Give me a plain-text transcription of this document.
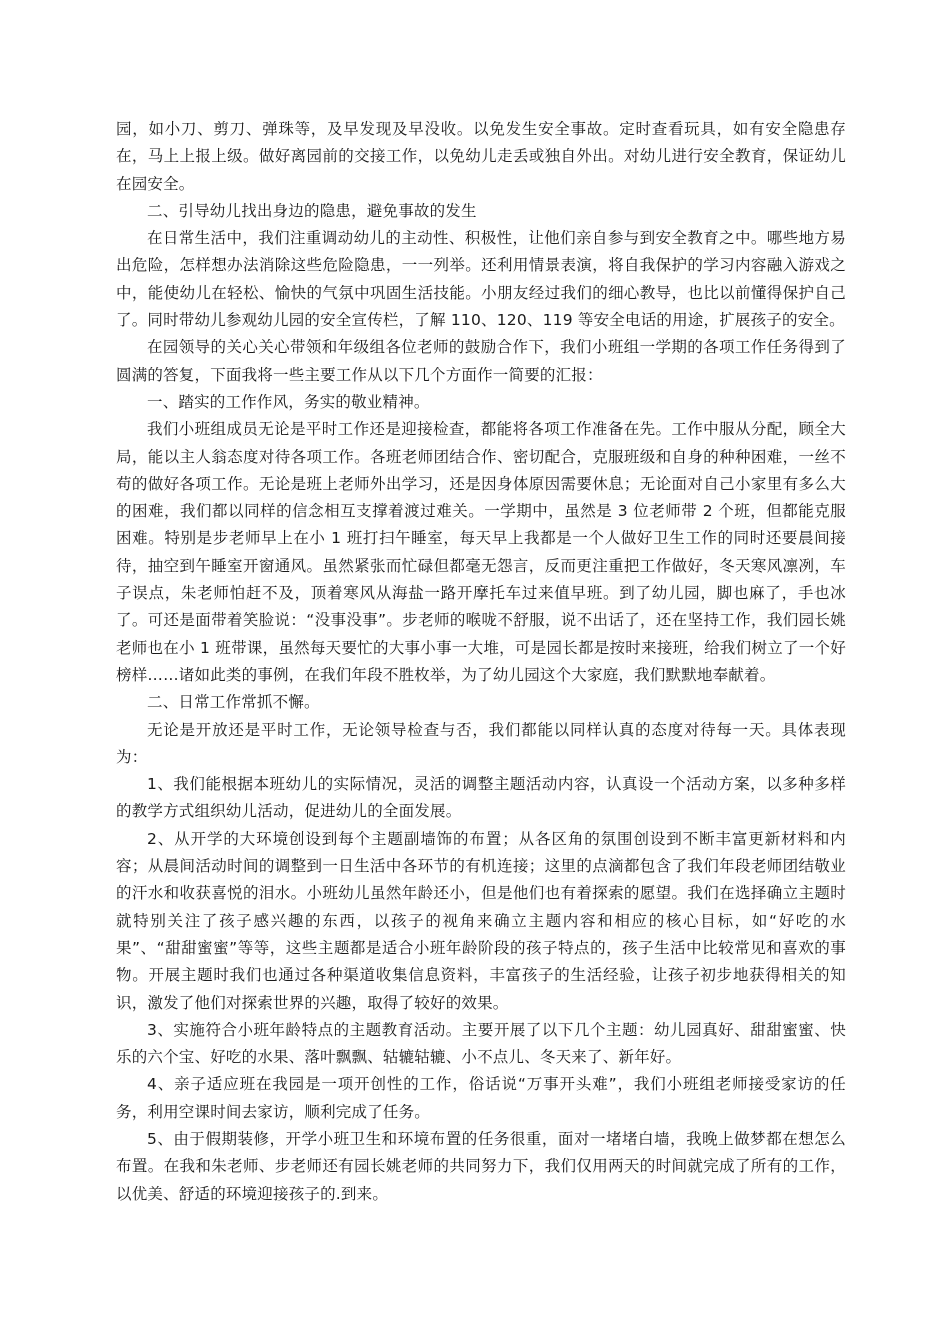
园，如小刀、剪刀、弹珠等，及早发现及早没收。以免发生安全事故。定时查看玩具，如有安全隐患存在，马上上报上级。做好离园前的交接工作，以免幼儿走丢或独自外出。对幼儿进行安全教育，保证幼儿在园安全。

二、引导幼儿找出身边的隐患，避免事故的发生

在日常生活中，我们注重调动幼儿的主动性、积极性，让他们亲自参与到安全教育之中。哪些地方易出危险，怎样想办法消除这些危险隐患，一一列举。还利用情景表演，将自我保护的学习内容融入游戏之中，能使幼儿在轻松、愉快的气氛中巩固生活技能。小朋友经过我们的细心教导，也比以前懂得保护自己了。同时带幼儿参观幼儿园的安全宣传栏，了解 110、120、119 等安全电话的用途，扩展孩子的安全。

在园领导的关心关心带领和年级组各位老师的鼓励合作下，我们小班组一学期的各项工作任务得到了圆满的答复，下面我将一些主要工作从以下几个方面作一简要的汇报：

一、踏实的工作作风，务实的敬业精神。

我们小班组成员无论是平时工作还是迎接检查，都能将各项工作准备在先。工作中服从分配，顾全大局，能以主人翁态度对待各项工作。各班老师团结合作、密切配合，克服班级和自身的种种困难，一丝不苟的做好各项工作。无论是班上老师外出学习，还是因身体原因需要休息；无论面对自己小家里有多么大的困难，我们都以同样的信念相互支撑着渡过难关。一学期中，虽然是 3 位老师带 2 个班，但都能克服困难。特别是步老师早上在小 1 班打扫午睡室，每天早上我都是一个人做好卫生工作的同时还要晨间接待，抽空到午睡室开窗通风。虽然紧张而忙碌但都毫无怨言，反而更注重把工作做好，冬天寒风凛冽，车子误点，朱老师怕赶不及，顶着寒风从海盐一路开摩托车过来值早班。到了幼儿园，脚也麻了，手也冰了。可还是面带着笑脸说：“没事没事”。步老师的喉咙不舒服，说不出话了，还在坚持工作，我们园长姚老师也在小 1 班带课，虽然每天要忙的大事小事一大堆，可是园长都是按时来接班，给我们树立了一个好榜样……诸如此类的事例，在我们年段不胜枚举，为了幼儿园这个大家庭，我们默默地奉献着。

二、日常工作常抓不懈。

无论是开放还是平时工作，无论领导检查与否，我们都能以同样认真的态度对待每一天。具体表现为：

1、我们能根据本班幼儿的实际情况，灵活的调整主题活动内容，认真设一个活动方案，以多种多样的教学方式组织幼儿活动，促进幼儿的全面发展。

2、从开学的大环境创设到每个主题副墙饰的布置；从各区角的氛围创设到不断丰富更新材料和内容；从晨间活动时间的调整到一日生活中各环节的有机连接；这里的点滴都包含了我们年段老师团结敬业的汗水和收获喜悦的泪水。小班幼儿虽然年龄还小，但是他们也有着探索的愿望。我们在选择确立主题时就特别关注了孩子感兴趣的东西，以孩子的视角来确立主题内容和相应的核心目标，如“好吃的水果”、“甜甜蜜蜜”等等，这些主题都是适合小班年龄阶段的孩子特点的，孩子生活中比较常见和喜欢的事物。开展主题时我们也通过各种渠道收集信息资料，丰富孩子的生活经验，让孩子初步地获得相关的知识，激发了他们对探索世界的兴趣，取得了较好的效果。

3、实施符合小班年龄特点的主题教育活动。主要开展了以下几个主题：幼儿园真好、甜甜蜜蜜、快乐的六个宝、好吃的水果、落叶飘飘、轱辘轱辘、小不点儿、冬天来了、新年好。

4、亲子适应班在我园是一项开创性的工作，俗话说“万事开头难”，我们小班组老师接受家访的任务，利用空课时间去家访，顺利完成了任务。

5、由于假期装修，开学小班卫生和环境布置的任务很重，面对一堵堵白墙，我晚上做梦都在想怎么布置。在我和朱老师、步老师还有园长姚老师的共同努力下，我们仅用两天的时间就完成了所有的工作，以优美、舒适的环境迎接孩子的.到来。
